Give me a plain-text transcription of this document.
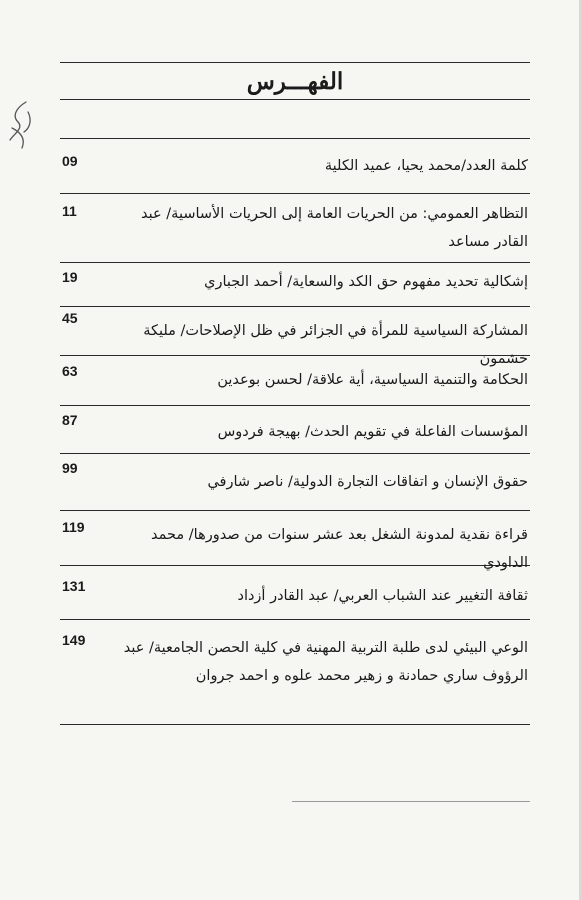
الفهـــرس
كلمة العدد/محمد يحيا، عميد الكلية
09
التظاهر العمومي: من الحريات العامة إلى الحريات الأساسية/ عبد القادر مساعد
11
إشكالية تحديد مفهوم حق الكد والسعاية/ أحمد الجباري
19
المشاركة السياسية للمرأة في الجزائر في ظل الإصلاحات/ مليكة خشمون
45
الحكامة والتنمية السياسية، أية علاقة/ لحسن بوعدين
63
المؤسسات الفاعلة في تقويم الحدث/ بهيجة فردوس
87
حقوق الإنسان و اتفاقات التجارة الدولية/ ناصر شارفي
99
قراءة نقدية لمدونة الشغل بعد عشر سنوات من صدورها/ محمد الداودي
119
ثقافة التغيير عند الشباب العربي/ عبد القادر أزداد
131
الوعي البيئي لدى طلبة التربية المهنية في كلية الحصن الجامعية/ عبد الرؤوف ساري حمادنة و زهير محمد علوه و احمد جروان
149
